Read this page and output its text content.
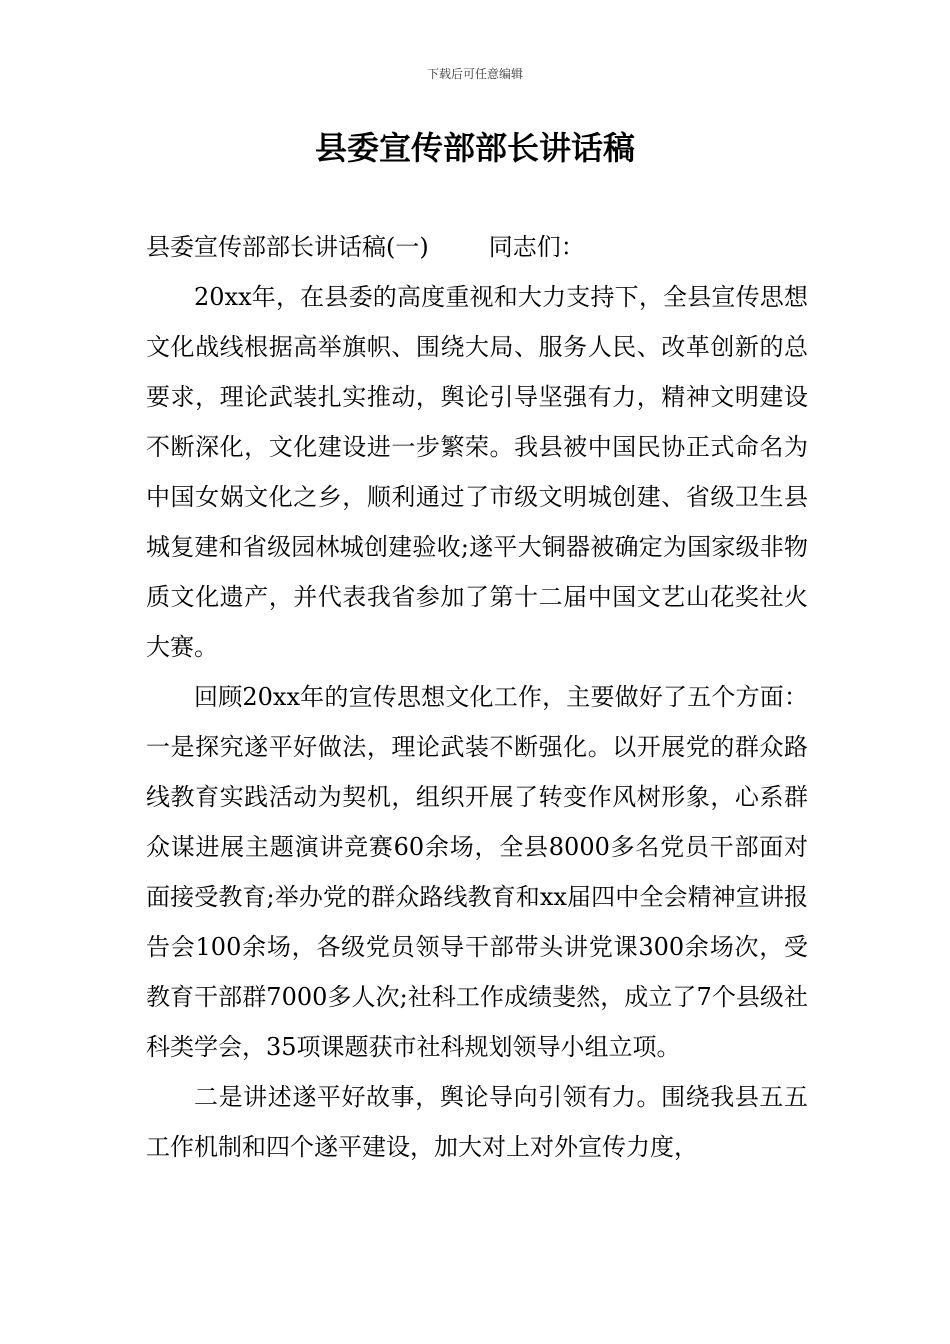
下载后可任意编辑
县委宣传部部长讲话稿

县委宣传部部长讲话稿(一)	同志们：

20xx年，在县委的高度重视和大力支持下，全县宣传思想文化战线根据高举旗帜、围绕大局、服务人民、改革创新的总要求，理论武装扎实推动，舆论引导坚强有力，精神文明建设不断深化，文化建设进一步繁荣。我县被中国民协正式命名为中国女娲文化之乡，顺利通过了市级文明城创建、省级卫生县城复建和省级园林城创建验收;遂平大铜器被确定为国家级非物质文化遗产，并代表我省参加了第十二届中国文艺山花奖社火大赛。

回顾20xx年的宣传思想文化工作，主要做好了五个方面： 一是探究遂平好做法，理论武装不断强化。以开展党的群众路线教育实践活动为契机，组织开展了转变作风树形象，心系群众谋进展主题演讲竞赛60余场，全县8000多名党员干部面对面接受教育;举办党的群众路线教育和xx届四中全会精神宣讲报告会100余场，各级党员领导干部带头讲党课300余场次，受教育干部群7000多人次;社科工作成绩斐然，成立了7个县级社科类学会，35项课题获市社科规划领导小组立项。

二是讲述遂平好故事，舆论导向引领有力。围绕我县五五工作机制和四个遂平建设，加大对上对外宣传力度，
